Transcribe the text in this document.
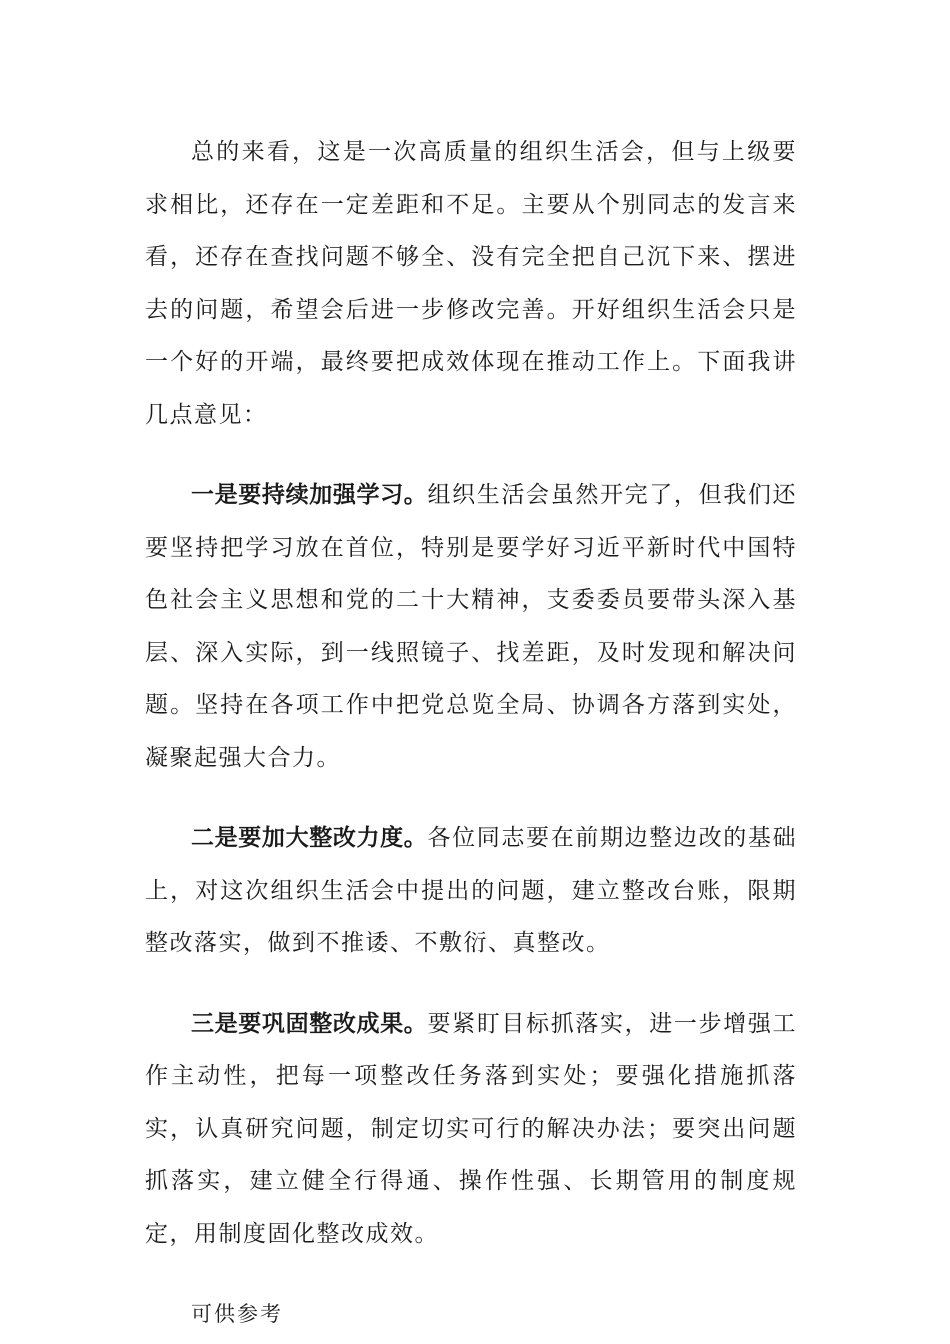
总的来看，这是一次高质量的组织生活会，但与上级要求相比，还存在一定差距和不足。主要从个别同志的发言来看，还存在查找问题不够全、没有完全把自己沉下来、摆进去的问题，希望会后进一步修改完善。开好组织生活会只是一个好的开端，最终要把成效体现在推动工作上。下面我讲几点意见：

一是要持续加强学习。组织生活会虽然开完了，但我们还要坚持把学习放在首位，特别是要学好习近平新时代中国特色社会主义思想和党的二十大精神，支委委员要带头深入基层、深入实际，到一线照镜子、找差距，及时发现和解决问题。坚持在各项工作中把党总览全局、协调各方落到实处，凝聚起强大合力。

二是要加大整改力度。各位同志要在前期边整边改的基础上，对这次组织生活会中提出的问题，建立整改台账，限期整改落实，做到不推诿、不敷衍、真整改。

三是要巩固整改成果。要紧盯目标抓落实，进一步增强工作主动性，把每一项整改任务落到实处；要强化措施抓落实，认真研究问题，制定切实可行的解决办法；要突出问题抓落实，建立健全行得通、操作性强、长期管用的制度规定，用制度固化整改成效。

可供参考
